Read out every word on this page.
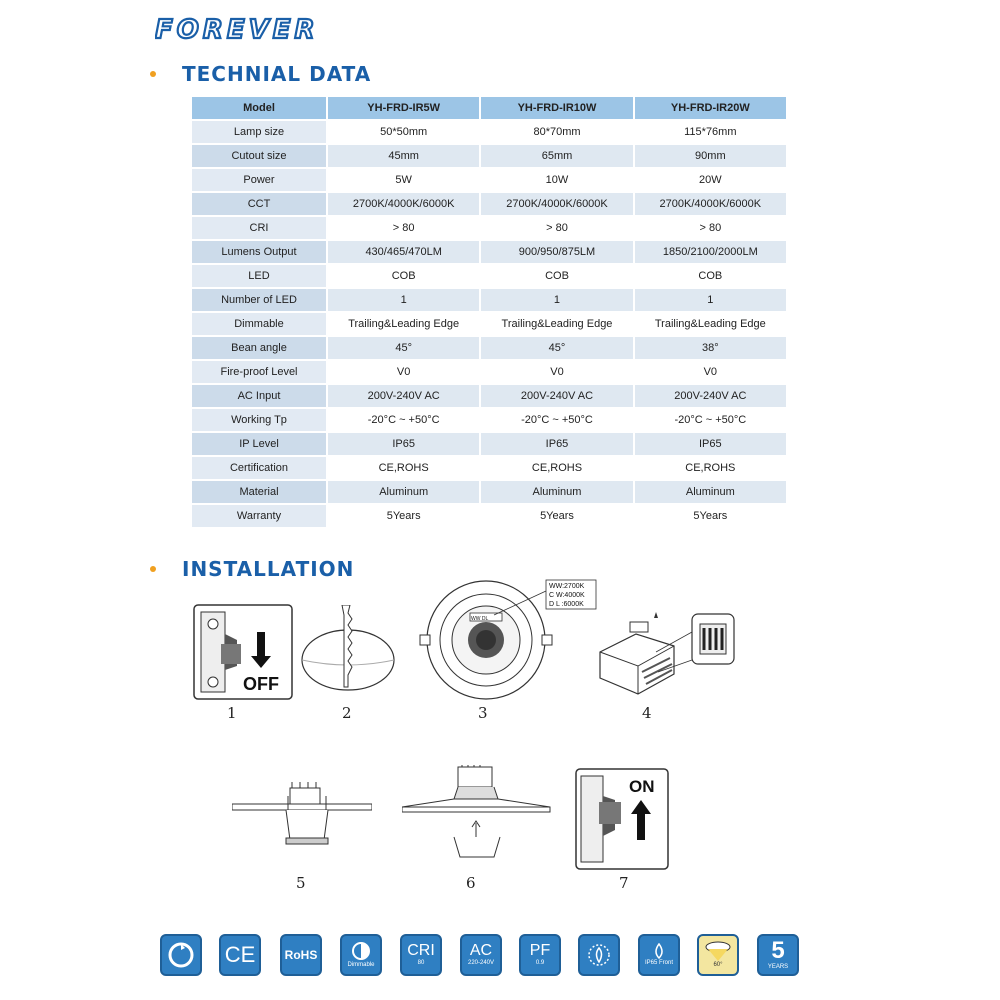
FOREVER
TECHNIAL DATA
Model	YH-FRD-IR5W	YH-FRD-IR10W	YH-FRD-IR20W
Lamp size	50*50mm	80*70mm	115*76mm
Cutout size	45mm	65mm	90mm
Power	5W	10W	20W
CCT	2700K/4000K/6000K	2700K/4000K/6000K	2700K/4000K/6000K
CRI	> 80	> 80	> 80
Lumens Output	430/465/470LM	900/950/875LM	1850/2100/2000LM
LED	COB	COB	COB
Number of LED	1	1	1
Dimmable	Trailing&Leading Edge	Trailing&Leading Edge	Trailing&Leading Edge
Bean angle	45°	45°	38°
Fire-proof Level	V0	V0	V0
AC Input	200V-240V AC	200V-240V AC	200V-240V AC
Working Tp	-20°C ~ +50°C	-20°C ~ +50°C	-20°C ~ +50°C
IP Level	IP65	IP65	IP65
Certification	CE,ROHS	CE,ROHS	CE,ROHS
Material	Aluminum	Aluminum	Aluminum
Warranty	5Years	5Years	5Years
INSTALLATION
OFF
1	2
WW DL
WW:2700K
C W:4000K
D L :6000K
3	4
5	6
ON
7
CE RoHS
Dimmable
CRI
80
AC
220-240V
PF
0.9	IP65 Front	60°
5
YEARS
